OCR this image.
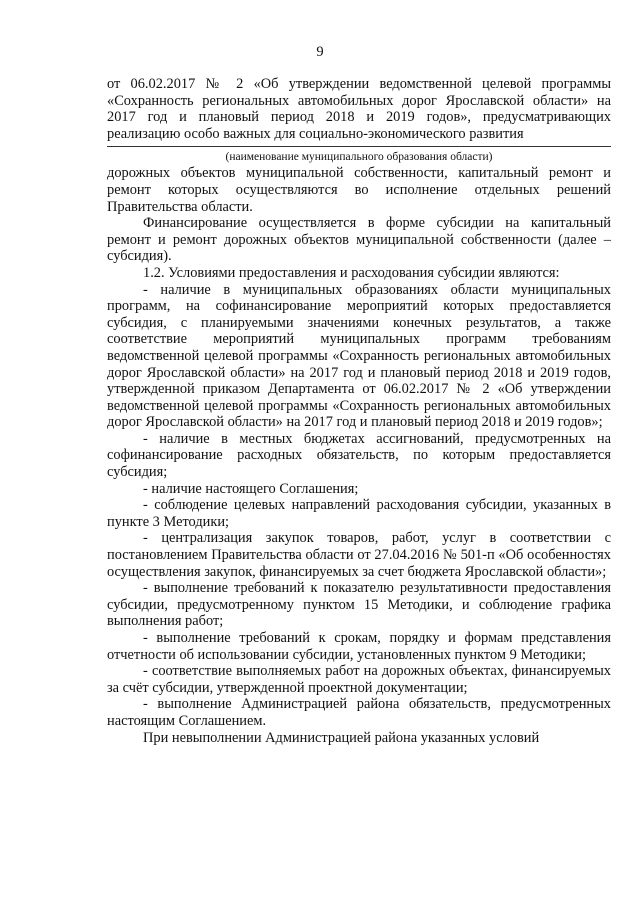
9

от 06.02.2017 № 2 «Об утверждении ведомственной целевой программы «Сохранность региональных автомобильных дорог Ярославской области» на 2017 год и плановый период 2018 и 2019 годов», предусматривающих реализацию особо важных для социально-экономического развития

(наименование муниципального образования области)

дорожных объектов муниципальной собственности, капитальный ремонт и ремонт которых осуществляются во исполнение отдельных решений Правительства области.

Финансирование осуществляется в форме субсидии на капитальный ремонт и ремонт дорожных объектов муниципальной собственности (далее – субсидия).

1.2. Условиями предоставления и расходования субсидии являются:

- наличие в муниципальных образованиях области муниципальных программ, на софинансирование мероприятий которых предоставляется субсидия, с планируемыми значениями конечных результатов, а также соответствие мероприятий муниципальных программ требованиям ведомственной целевой программы «Сохранность региональных автомобильных дорог Ярославской области» на 2017 год и плановый период 2018 и 2019 годов, утвержденной приказом Департамента от 06.02.2017 № 2 «Об утверждении ведомственной целевой программы «Сохранность региональных автомобильных дорог Ярославской области» на 2017 год и плановый период 2018 и 2019 годов»;

- наличие в местных бюджетах ассигнований, предусмотренных на софинансирование расходных обязательств, по которым предоставляется субсидия;

- наличие настоящего Соглашения;

- соблюдение целевых направлений расходования субсидии, указанных в пункте 3 Методики;

- централизация закупок товаров, работ, услуг в соответствии с постановлением Правительства области от 27.04.2016 № 501-п «Об особенностях осуществления закупок, финансируемых за счет бюджета Ярославской области»;

- выполнение требований к показателю результативности предоставления субсидии, предусмотренному пунктом 15 Методики, и соблюдение графика выполнения работ;

- выполнение требований к срокам, порядку и формам представления отчетности об использовании субсидии, установленных пунктом 9 Методики;

- соответствие выполняемых работ на дорожных объектах, финансируемых за счёт субсидии, утвержденной проектной документации;

- выполнение Администрацией района обязательств, предусмотренных настоящим Соглашением.

При невыполнении Администрацией района указанных условий
